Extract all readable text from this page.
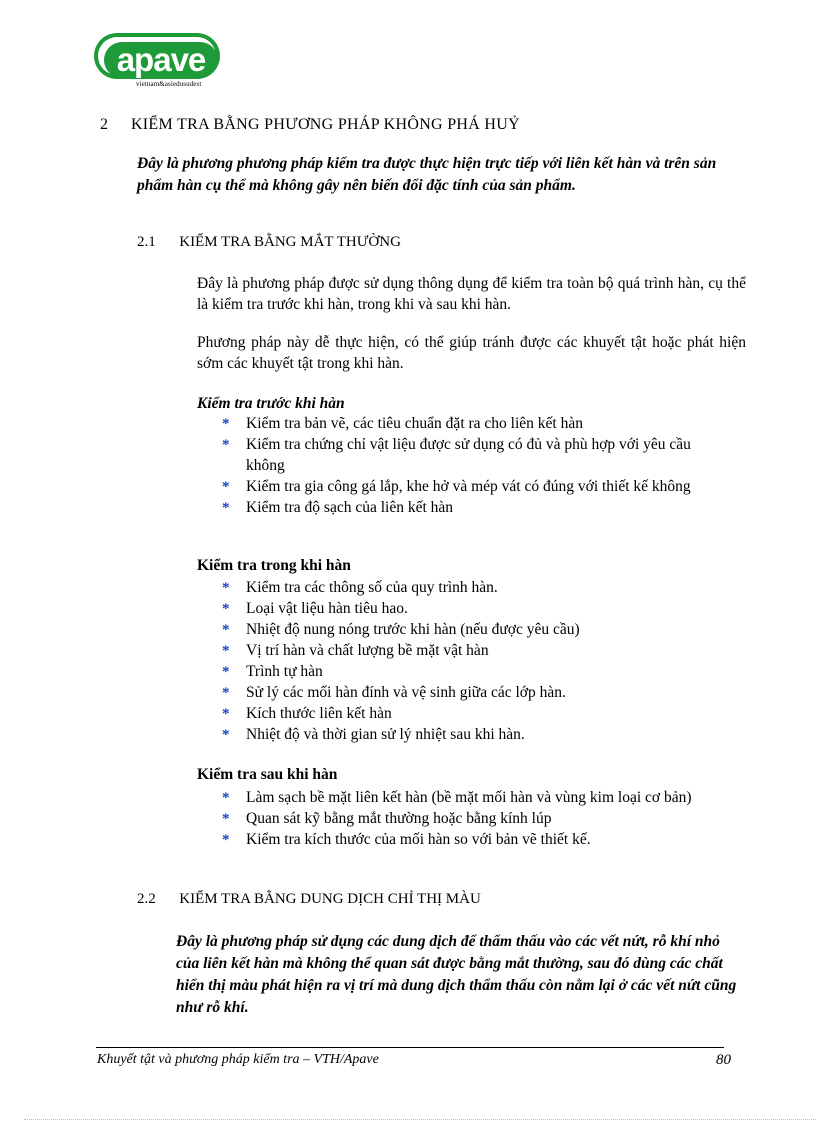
apave
vietnam&asiedusudest
2 KIỂM TRA BẰNG PHƯƠNG PHÁP KHÔNG PHÁ HUỶ
Đây là phương phương pháp kiểm tra được thực hiện trực tiếp với liên kết hàn và trên sản phẩm hàn cụ thể mà không gây nên biến đổi đặc tính của sản phẩm.
2.1 KIỂM TRA BẰNG MẮT THƯỜNG
Đây là phương pháp được sử dụng thông dụng để kiểm tra toàn bộ quá trình hàn, cụ thể là kiểm tra trước khi hàn, trong khi và sau khi hàn.
Phương pháp này dễ thực hiện, có thể giúp tránh được các khuyết tật hoặc phát hiện sớm các khuyết tật trong khi hàn.
Kiểm tra trước khi hàn
* Kiểm tra bản vẽ, các tiêu chuẩn đặt ra cho liên kết hàn
* Kiểm tra chứng chỉ vật liệu được sử dụng có đủ và phù hợp với yêu cầu không
* Kiểm tra gia công gá lắp, khe hở và mép vát có đúng với thiết kế không
* Kiểm tra độ sạch của liên kết hàn
Kiểm tra trong khi hàn
* Kiểm tra các thông số của quy trình hàn.
* Loại vật liệu hàn tiêu hao.
* Nhiệt độ nung nóng trước khi hàn (nếu được yêu cầu)
* Vị trí hàn và chất lượng bề mặt vật hàn
* Trình tự hàn
* Sử lý các mối hàn đính và vệ sinh giữa các lớp hàn.
* Kích thước liên kết hàn
* Nhiệt độ và thời gian sử lý nhiệt sau khi hàn.
Kiểm tra sau khi hàn
* Làm sạch bề mặt liên kết hàn (bề mặt mối hàn và vùng kim loại cơ bản)
* Quan sát kỹ bằng mắt thường hoặc bằng kính lúp
* Kiểm tra kích thước của mối hàn so với bản vẽ thiết kế.
2.2 KIỂM TRA BẰNG DUNG DỊCH CHỈ THỊ MÀU
Đây là phương pháp sử dụng các dung dịch để thẩm thấu vào các vết nứt, rỗ khí nhỏ của liên kết hàn mà không thể quan sát được bằng mắt thường, sau đó dùng các chất hiển thị màu phát hiện ra vị trí mà dung dịch thẩm thấu còn nằm lại ở các vết nứt cũng như rỗ khí.
Khuyết tật và phương pháp kiểm tra – VTH/Apave	80
